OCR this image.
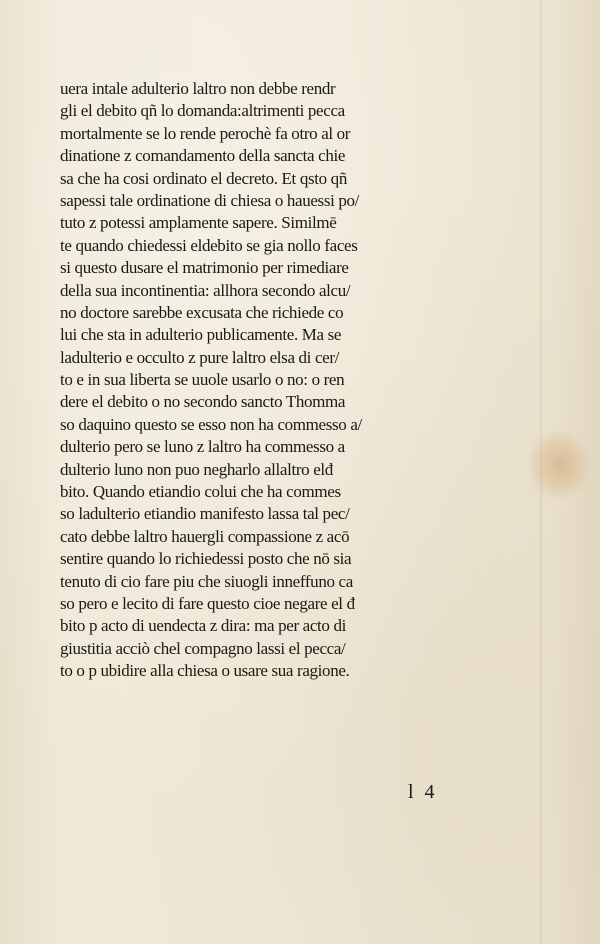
uera intale adulterio laltro non debbe rendr
gli el debito qñ lo domanda:altrimenti pecca
mortalmente se lo rende perochè fa otro al or
dinatione z comandamento della sancta chie
sa che ha cosi ordinato el decreto. Et qsto qñ
sapessi tale ordinatione di chiesa o hauessi po/
tuto z potessi amplamente sapere. Similmē
te quando chiedessi eldebito se gia nollo faces
si questo dusare el matrimonio per rimediare
della sua incontinentia: allhora secondo alcu/
no doctore sarebbe excusata che richiede co
lui che sta in adulterio publicamente. Ma se
ladulterio e occulto z pure laltro elsa di cer/
to e in sua liberta se uuole usarlo o no: o ren
dere el debito o no secondo sancto Thomma
so daquino questo se esso non ha commesso a/
dulterio pero se luno z laltro ha commesso a
dulterio luno non puo negharlo allaltro elđ
bito. Quando etiandio colui che ha commes
so ladulterio etiandio manifesto lassa tal pec/
cato debbe laltro hauergli compassione z acō
sentire quando lo richiedessi posto che nō sia
tenuto di cio fare piu che siuogli inneffuno ca
so pero e lecito di fare questo cioe negare el đ
bito p acto di uendecta z dira: ma per acto di
giustitia acciò chel compagno lassi el pecca/
to o p ubidire alla chiesa o usare sua ragione.
l 4
